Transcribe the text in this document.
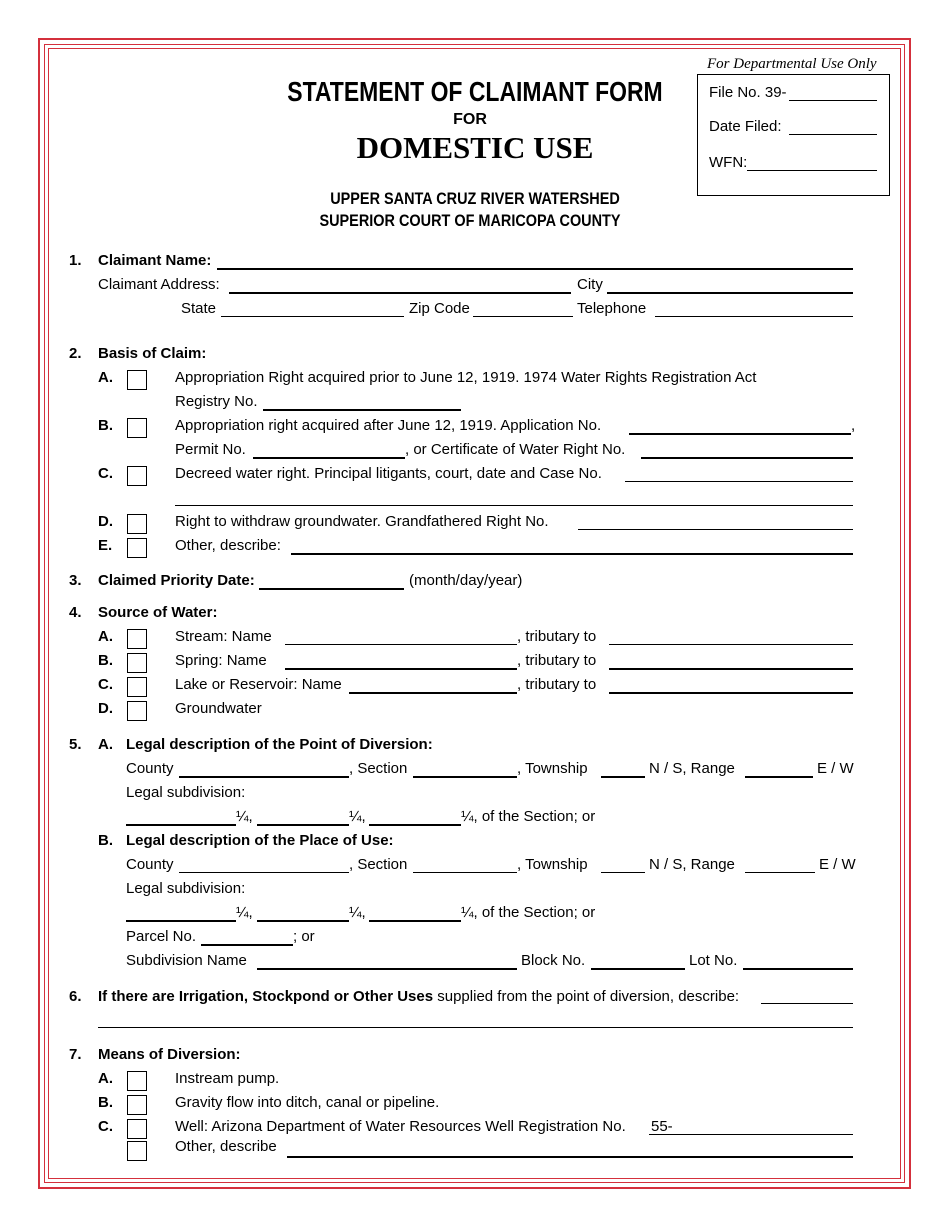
STATEMENT OF CLAIMANT FORM
FOR
DOMESTIC USE
UPPER SANTA CRUZ RIVER WATERSHED
SUPERIOR COURT OF MARICOPA COUNTY
For Departmental Use Only
File No. 39-
Date Filed:
WFN:
1. Claimant Name:
Claimant Address:	City
State	Zip Code	Telephone
2. Basis of Claim:
A.	Appropriation Right acquired prior to June 12, 1919. 1974 Water Rights Registration Act
Registry No.
B.	Appropriation right acquired after June 12, 1919. Application No.	,
Permit No.	, or Certificate of Water Right No.
C.	Decreed water right. Principal litigants, court, date and Case No.
D.	Right to withdraw groundwater. Grandfathered Right No.
E.	Other, describe:
3. Claimed Priority Date:	(month/day/year)
4. Source of Water:
A.	Stream: Name	, tributary to
B.	Spring: Name	, tributary to
C.	Lake or Reservoir: Name	, tributary to
D.	Groundwater
5. A. Legal description of the Point of Diversion:
County	, Section	, Township	N / S, Range	E / W
Legal subdivision:
¼,	¼,	¼, of the Section; or
B. Legal description of the Place of Use:
County	, Section	, Township	N / S, Range	E / W
Legal subdivision:
¼,	¼,	¼, of the Section; or
Parcel No.	; or
Subdivision Name	Block No.	Lot No.
6. If there are Irrigation, Stockpond or Other Uses supplied from the point of diversion, describe:
7. Means of Diversion:
A.	Instream pump.
B.	Gravity flow into ditch, canal or pipeline.
C.	Well: Arizona Department of Water Resources Well Registration No. 55-
Other, describe
